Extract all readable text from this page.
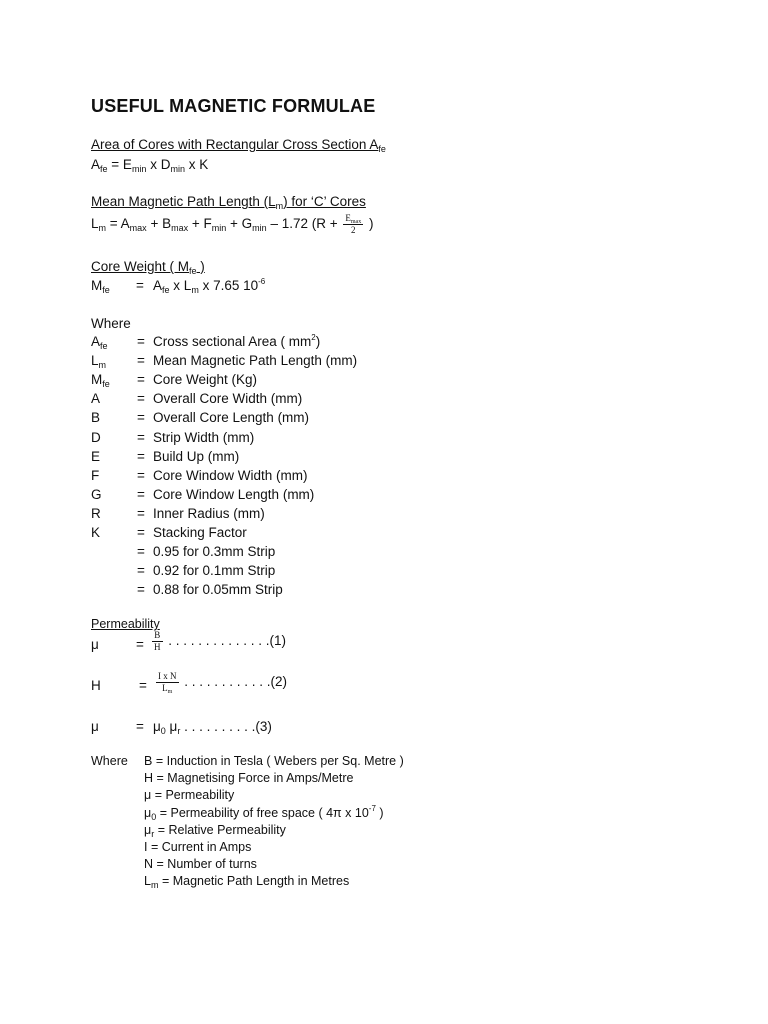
USEFUL MAGNETIC FORMULAE
Area of Cores with Rectangular Cross Section $A_{fe}$
$A_{fe} = E_{min}$ x $D_{min}$ x K
Mean Magnetic Path Length $(L_m)$ for ‘C’ Cores
$L_m = A_{max} + B_{max} + F_{min} + G_{min} - 1.72$ ($R + \frac{E_{max}}{2}$ )
Core Weight ( $M_{fe}$ )
$M_{fe} = A_{fe}$ x $L_m$ x 7.65 $10^{-6}$
Where
$A_{fe}$ = Cross sectional Area ( $mm^2$)
$L_m$ = Mean Magnetic Path Length (mm)
$M_{fe}$ = Core Weight (Kg)
A	= Overall Core Width (mm)
B	= Overall Core Length (mm)
D	= Strip Width (mm)
E	= Build Up (mm)
F	= Core Window Width (mm)
G	= Core Window Length (mm)
R	= Inner Radius (mm)
K	= Stacking Factor
= 0.95 for 0.3mm Strip
= 0.92 for 0.1mm Strip
= 0.88 for 0.05mm Strip
Permeability
μ	= $\frac{B}{H}$ . . . . . . . . . . . . . .(1)
H	= $\frac{\text{I x N}}{L_m}$ . . . . . . . . . . . .(2)
μ	= $\mu_0$ $\mu_r$ . . . . . . . . . .(3)
Where B = Induction in Tesla ( Webers per Sq. Metre )
H = Magnetising Force in Amps/Metre
μ = Permeability
$\mu_0$ = Permeability of free space ( 4π x $10^{-7}$ )
$\mu_r$ = Relative Permeability
I = Current in Amps
N = Number of turns
$L_m$ = Magnetic Path Length in Metres
